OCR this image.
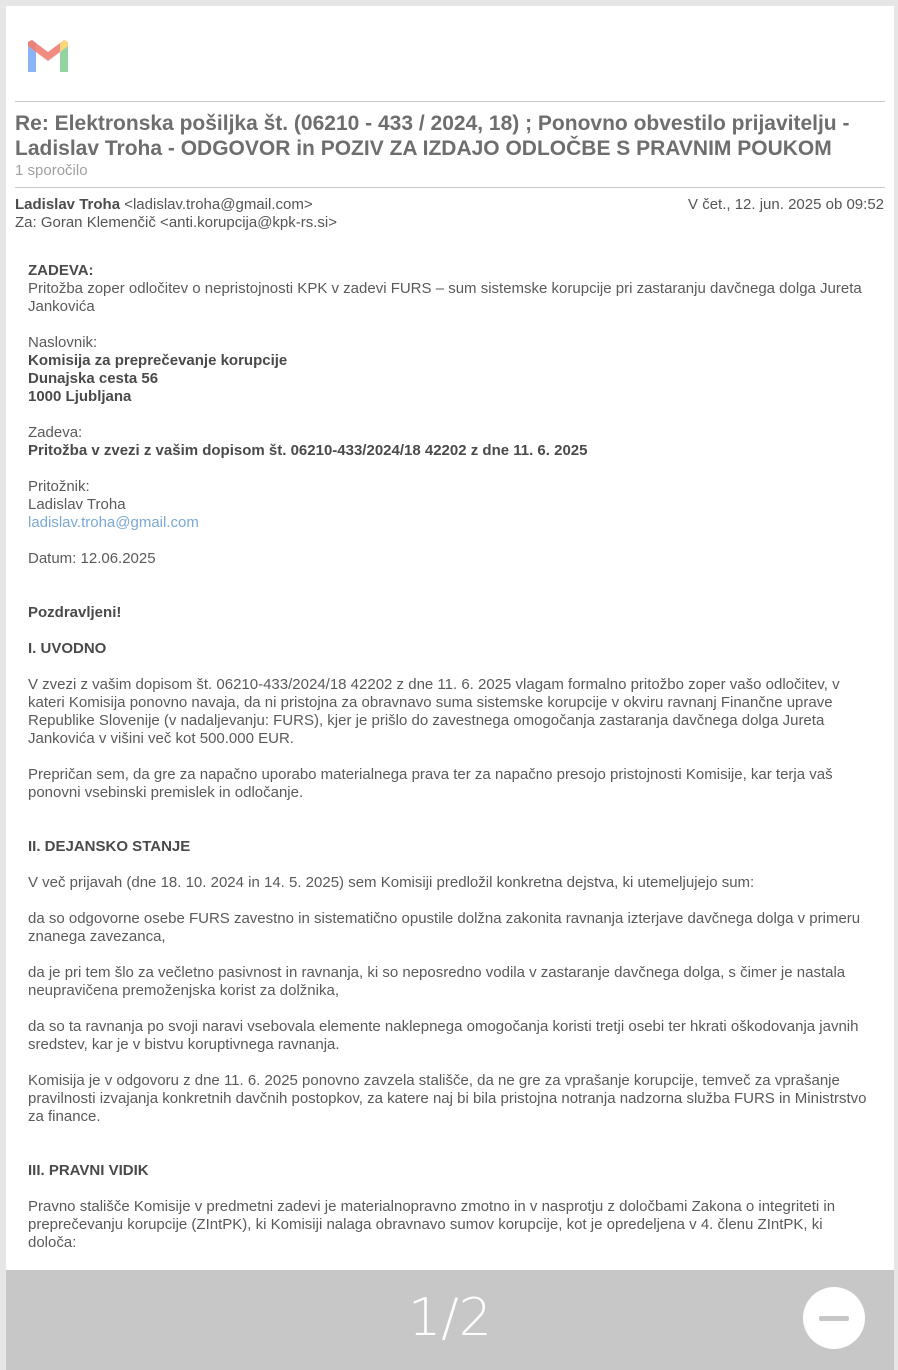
Re: Elektronska pošiljka št. (06210 - 433 / 2024, 18) ; Ponovno obvestilo prijavitelju - Ladislav Troha - ODGOVOR in POZIV ZA IZDAJO ODLOČBE S PRAVNIM POUKOM
1 sporočilo
Ladislav Troha <ladislav.troha@gmail.com>	V čet., 12. jun. 2025 ob 09:52
Za: Goran Klemenčič <anti.korupcija@kpk-rs.si>

ZADEVA:

Pritožba zoper odločitev o nepristojnosti KPK v zadevi FURS – sum sistemske korupcije pri zastaranju davčnega dolga Jureta Jankovića

Naslovnik:

Komisija za preprečevanje korupcije

Dunajska cesta 56

1000 Ljubljana

Zadeva:

Pritožba v zvezi z vašim dopisom št. 06210-433/2024/18 42202 z dne 11. 6. 2025

Pritožnik:

Ladislav Troha

ladislav.troha@gmail.com

Datum: 12.06.2025

Pozdravljeni!

I. UVODNO

V zvezi z vašim dopisom št. 06210-433/2024/18 42202 z dne 11. 6. 2025 vlagam formalno pritožbo zoper vašo odločitev, v kateri Komisija ponovno navaja, da ni pristojna za obravnavo suma sistemske korupcije v okviru ravnanj Finančne uprave Republike Slovenije (v nadaljevanju: FURS), kjer je prišlo do zavestnega omogočanja zastaranja davčnega dolga Jureta Jankovića v višini več kot 500.000 EUR.

Prepričan sem, da gre za napačno uporabo materialnega prava ter za napačno presojo pristojnosti Komisije, kar terja vaš ponovni vsebinski premislek in odločanje.

II. DEJANSKO STANJE

V več prijavah (dne 18. 10. 2024 in 14. 5. 2025) sem Komisiji predložil konkretna dejstva, ki utemeljujejo sum:

da so odgovorne osebe FURS zavestno in sistematično opustile dolžna zakonita ravnanja izterjave davčnega dolga v primeru znanega zavezanca,

da je pri tem šlo za večletno pasivnost in ravnanja, ki so neposredno vodila v zastaranje davčnega dolga, s čimer je nastala neupravičena premoženjska korist za dolžnika,

da so ta ravnanja po svoji naravi vsebovala elemente naklepnega omogočanja koristi tretji osebi ter hkrati oškodovanja javnih sredstev, kar je v bistvu koruptivnega ravnanja.

Komisija je v odgovoru z dne 11. 6. 2025 ponovno zavzela stališče, da ne gre za vprašanje korupcije, temveč za vprašanje pravilnosti izvajanja konkretnih davčnih postopkov, za katere naj bi bila pristojna notranja nadzorna služba FURS in Ministrstvo za finance.

III. PRAVNI VIDIK

Pravno stališče Komisije v predmetni zadevi je materialnopravno zmotno in v nasprotju z določbami Zakona o integriteti in preprečevanju korupcije (ZIntPK), ki Komisiji nalaga obravnavo sumov korupcije, kot je opredeljena v 4. členu ZIntPK, ki določa:

1/2
